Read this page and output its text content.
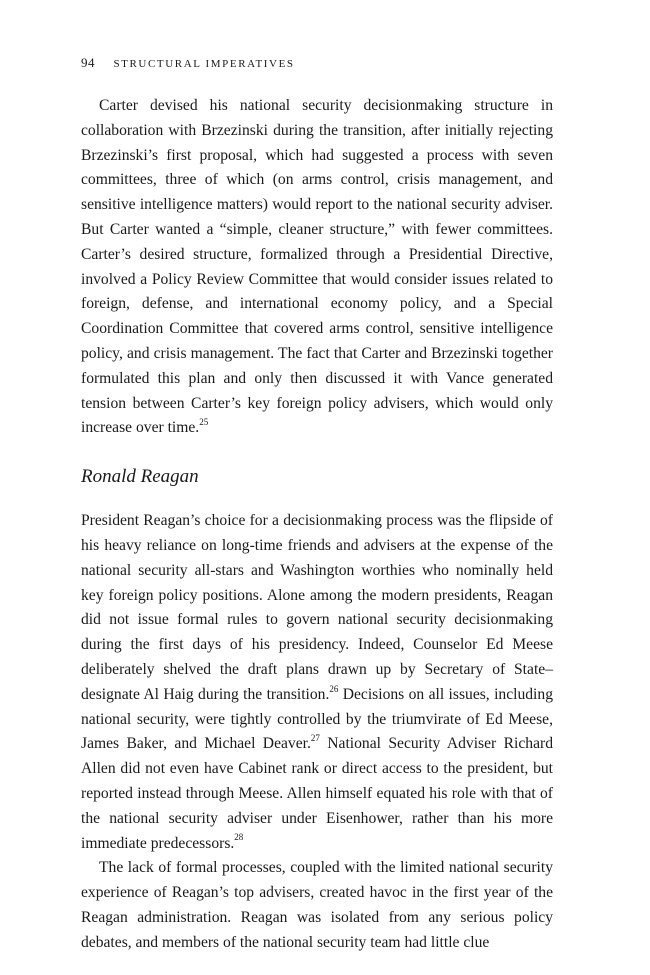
94 STRUCTURAL IMPERATIVES

Carter devised his national security decisionmaking structure in collaboration with Brzezinski during the transition, after initially rejecting Brzezinski’s first proposal, which had suggested a process with seven committees, three of which (on arms control, crisis management, and sensitive intelligence matters) would report to the national security adviser. But Carter wanted a “simple, cleaner structure,” with fewer committees. Carter’s desired structure, formalized through a Presidential Directive, involved a Policy Review Committee that would consider issues related to foreign, defense, and international economy policy, and a Special Coordination Committee that covered arms control, sensitive intelligence policy, and crisis management. The fact that Carter and Brzezinski together formulated this plan and only then discussed it with Vance generated tension between Carter’s key foreign policy advisers, which would only increase over time.$^{25}$

Ronald Reagan

President Reagan’s choice for a decisionmaking process was the flipside of his heavy reliance on long-time friends and advisers at the expense of the national security all-stars and Washington worthies who nominally held key foreign policy positions. Alone among the modern presidents, Reagan did not issue formal rules to govern national security decisionmaking during the first days of his presidency. Indeed, Counselor Ed Meese deliberately shelved the draft plans drawn up by Secretary of State–designate Al Haig during the transition.$^{26}$ Decisions on all issues, including national security, were tightly controlled by the triumvirate of Ed Meese, James Baker, and Michael Deaver.$^{27}$ National Security Adviser Richard Allen did not even have Cabinet rank or direct access to the president, but reported instead through Meese. Allen himself equated his role with that of the national security adviser under Eisenhower, rather than his more immediate predecessors.$^{28}$

The lack of formal processes, coupled with the limited national security experience of Reagan’s top advisers, created havoc in the first year of the Reagan administration. Reagan was isolated from any serious policy debates, and members of the national security team had little clue
